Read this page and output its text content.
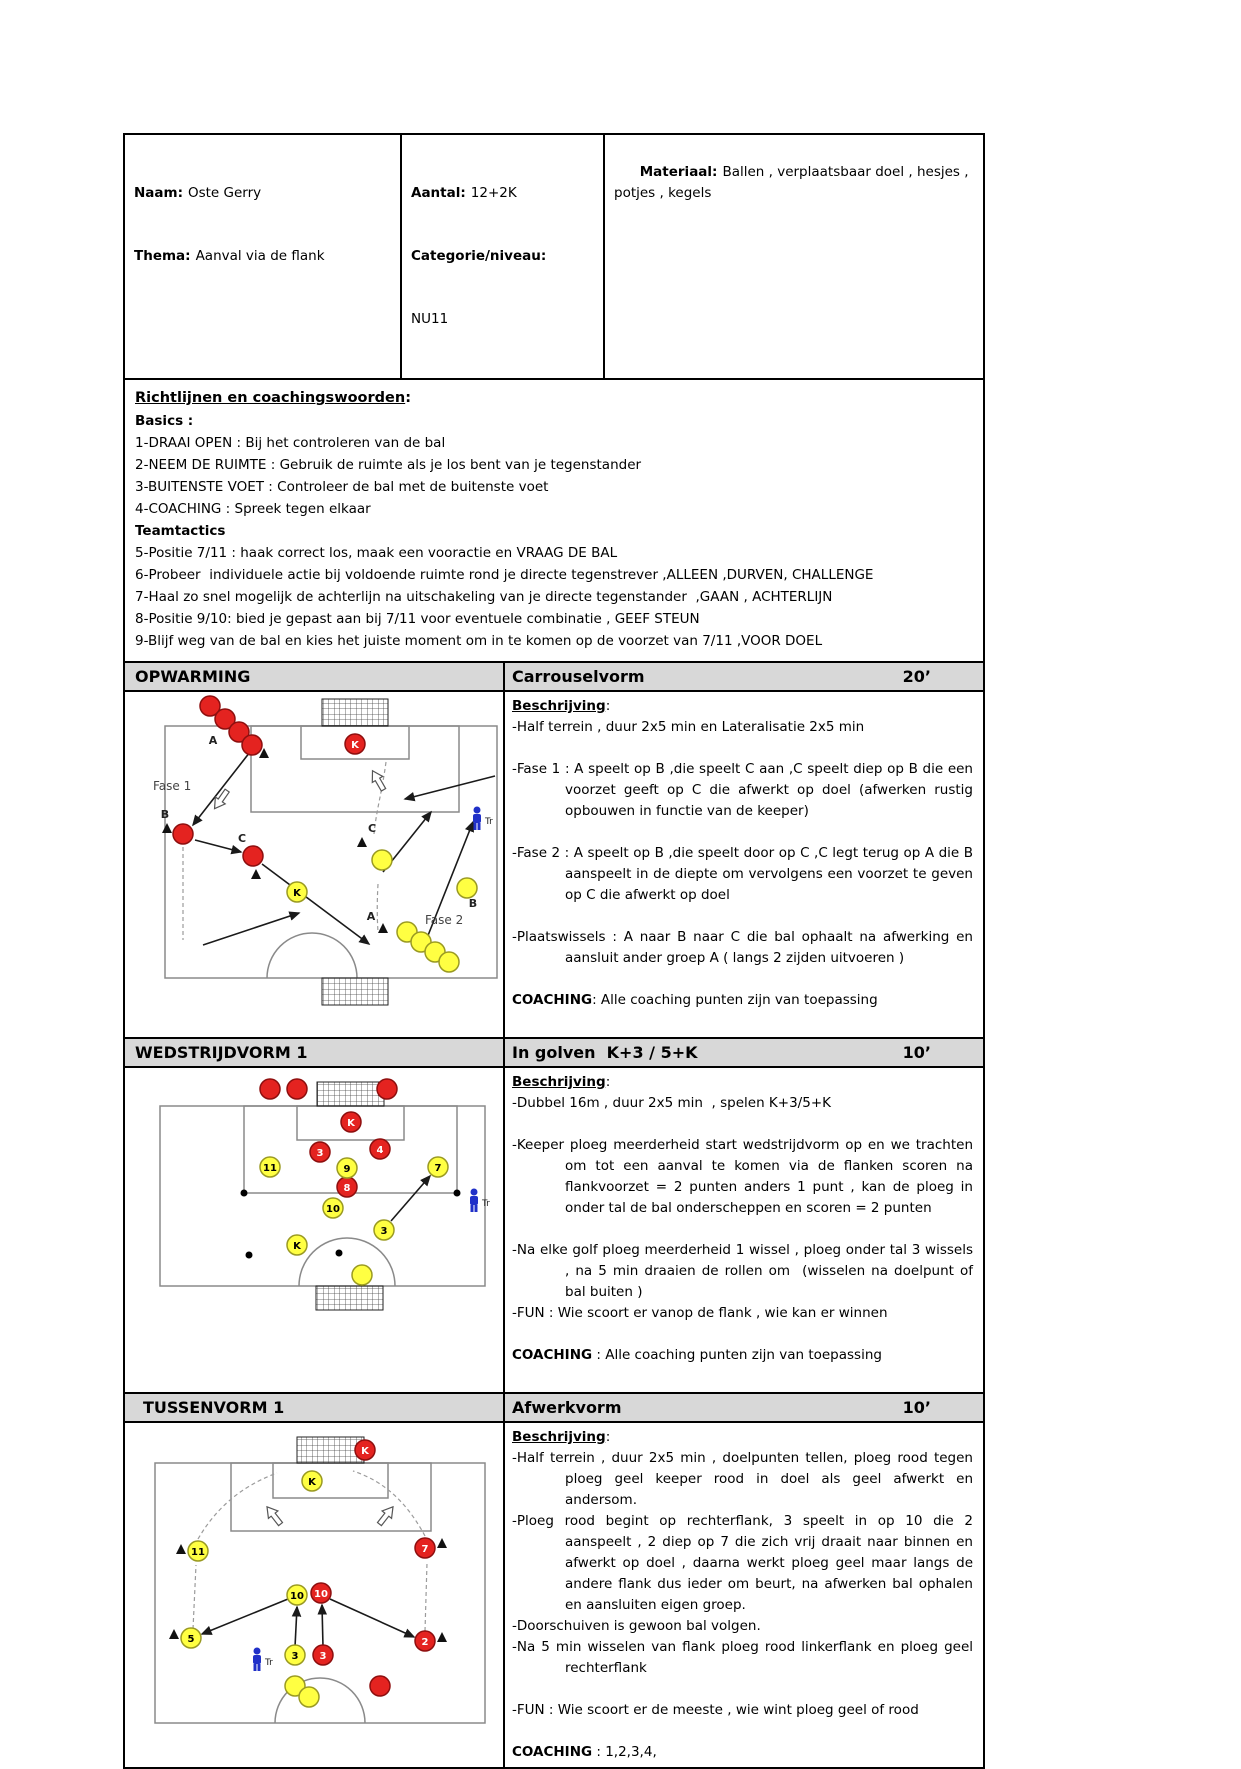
Naam: Oste Gerry

Thema: Aanval via de flank

Aantal: 12+2K

Categorie/niveau:

NU11

Materiaal: Ballen , verplaatsbaar doel , hesjes , potjes , kegels

Richtlijnen en coachingswoorden:
Basics :
1-DRAAI OPEN : Bij het controleren van de bal
2-NEEM DE RUIMTE : Gebruik de ruimte als je los bent van je tegenstander
3-BUITENSTE VOET : Controleer de bal met de buitenste voet
4-COACHING : Spreek tegen elkaar
Teamtactics
5-Positie 7/11 : haak correct los, maak een vooractie en VRAAG DE BAL
6-Probeer  individuele actie bij voldoende ruimte rond je directe tegenstrever ,ALLEEN ,DURVEN, CHALLENGE
7-Haal zo snel mogelijk de achterlijn na uitschakeling van je directe tegenstander  ,GAAN , ACHTERLIJN
8-Positie 9/10: bied je gepast aan bij 7/11 voor eventuele combinatie , GEEF STEUN
9-Blijf weg van de bal en kies het juiste moment om in te komen op de voorzet van 7/11 ,VOOR DOEL
OPWARMING	Carrouselvorm	20’
K
K
A
B
C
C
B
A
Fase 1
Fase 2
Tr
Beschrijving:
-Half terrein , duur 2x5 min en Lateralisatie 2x5 min
-Fase 1 : A speelt op B ,die speelt C aan ,C speelt diep op B die een voorzet geeft op C die afwerkt op doel (afwerken rustig opbouwen in functie van de keeper)
-Fase 2 : A speelt op B ,die speelt door op C ,C legt terug op A die B aanspeelt in de diepte om vervolgens een voorzet te geven op C die afwerkt op doel
-Plaatswissels : A naar B naar C die bal ophaalt na afwerking en aansluit ander groep A ( langs 2 zijden uitvoeren )
COACHING: Alle coaching punten zijn van toepassing
WEDSTRIJDVORM 1	In golven  K+3 / 5+K	10’
K
3	4
8
11	9	7
10
3
K
Tr
Beschrijving:
-Dubbel 16m , duur 2x5 min  , spelen K+3/5+K
-Keeper ploeg meerderheid start wedstrijdvorm op en we trachten om tot een aanval te komen via de flanken scoren na flankvoorzet = 2 punten anders 1 punt , kan de ploeg in onder tal de bal onderscheppen en scoren = 2 punten
-Na elke golf ploeg meerderheid 1 wissel , ploeg onder tal 3 wissels , na 5 min draaien de rollen om  (wisselen na doelpunt of bal buiten )
-FUN : Wie scoort er vanop de flank , wie kan er winnen
COACHING : Alle coaching punten zijn van toepassing
TUSSENVORM 1	Afwerkvorm	10’
K
K
11
10
5
3
7
10
2
3
Tr
Beschrijving:
-Half terrein , duur 2x5 min , doelpunten tellen, ploeg rood tegen ploeg geel keeper rood in doel als geel afwerkt en andersom.
-Ploeg rood begint op rechterflank, 3 speelt in op 10 die 2 aanspeelt , 2 diep op 7 die zich vrij draait naar binnen en afwerkt op doel , daarna werkt ploeg geel maar langs de andere flank dus ieder om beurt, na afwerken bal ophalen en aansluiten eigen groep.
-Doorschuiven is gewoon bal volgen.
-Na 5 min wisselen van flank ploeg rood linkerflank en ploeg geel rechterflank
-FUN : Wie scoort er de meeste , wie wint ploeg geel of rood
COACHING : 1,2,3,4,
